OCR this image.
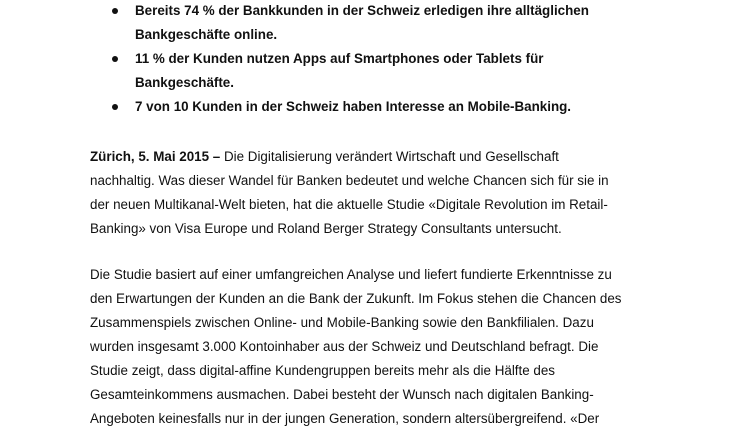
Bereits 74 % der Bankkunden in der Schweiz erledigen ihre alltäglichen
Bankgeschäfte online.
11 % der Kunden nutzen Apps auf Smartphones oder Tablets für
Bankgeschäfte.
7 von 10 Kunden in der Schweiz haben Interesse an Mobile-Banking.
Zürich, 5. Mai 2015 – Die Digitalisierung verändert Wirtschaft und Gesellschaft
nachhaltig. Was dieser Wandel für Banken bedeutet und welche Chancen sich für sie in
der neuen Multikanal-Welt bieten, hat die aktuelle Studie «Digitale Revolution im Retail-
Banking» von Visa Europe und Roland Berger Strategy Consultants untersucht.
Die Studie basiert auf einer umfangreichen Analyse und liefert fundierte Erkenntnisse zu
den Erwartungen der Kunden an die Bank der Zukunft. Im Fokus stehen die Chancen des
Zusammenspiels zwischen Online- und Mobile-Banking sowie den Bankfilialen. Dazu
wurden insgesamt 3.000 Kontoinhaber aus der Schweiz und Deutschland befragt. Die
Studie zeigt, dass digital-affine Kundengruppen bereits mehr als die Hälfte des
Gesamteinkommens ausmachen. Dabei besteht der Wunsch nach digitalen Banking-
Angeboten keinesfalls nur in der jungen Generation, sondern altersübergreifend. «Der
